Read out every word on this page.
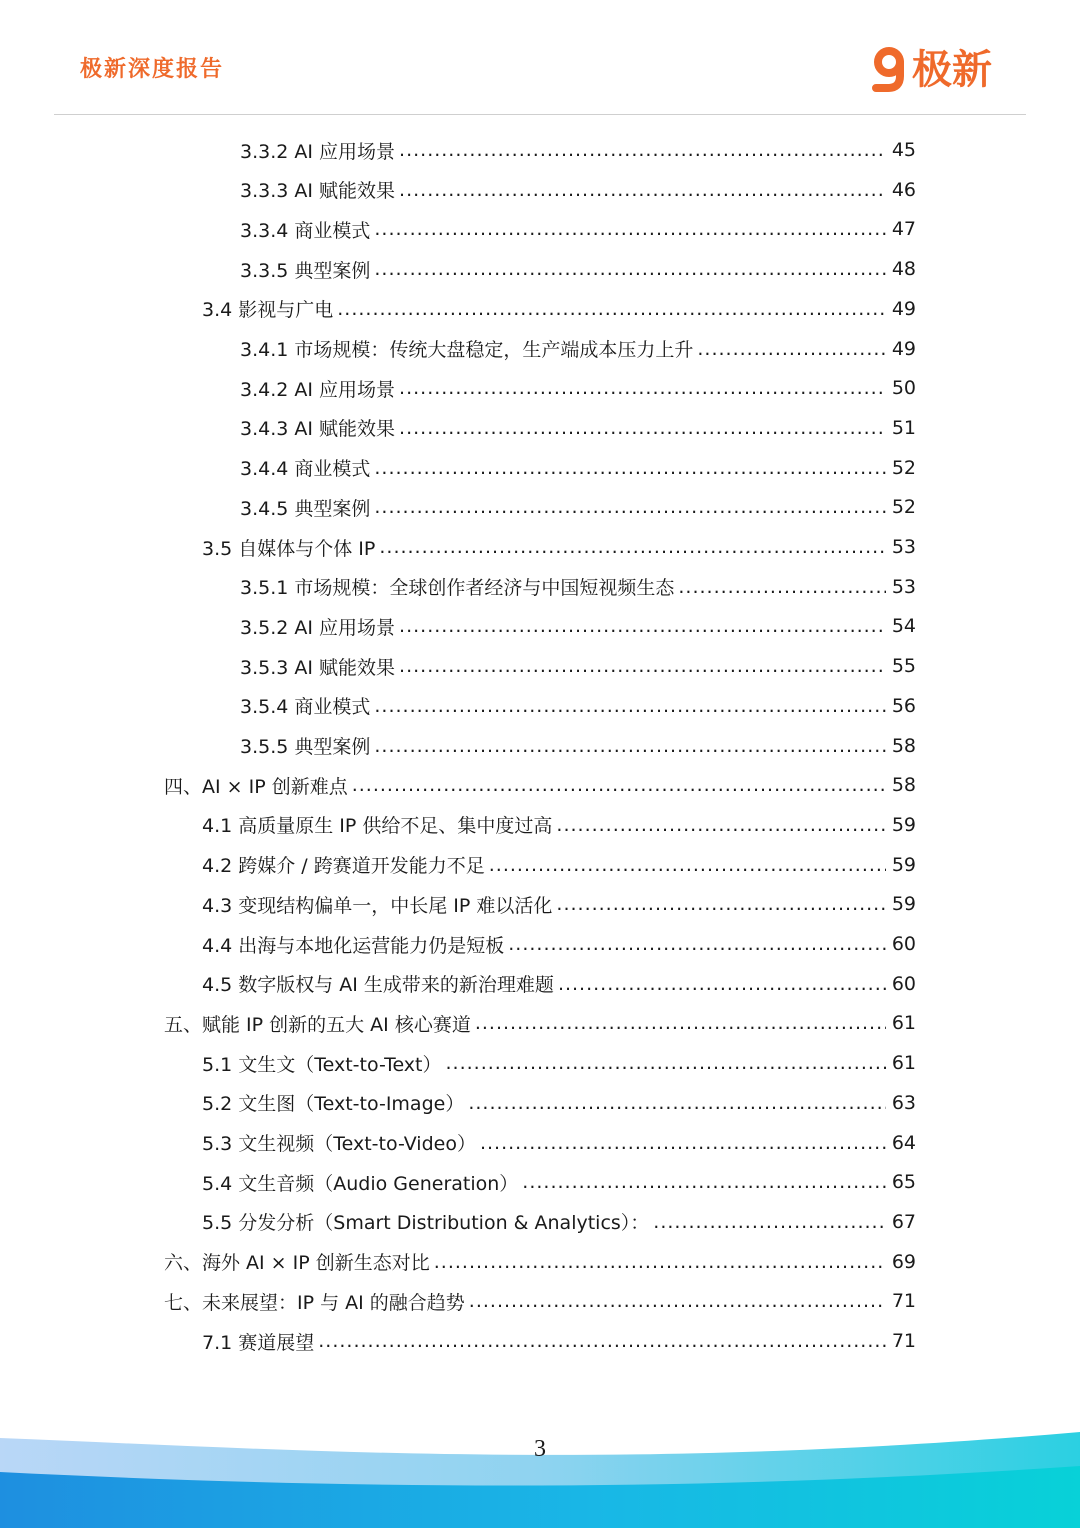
极新深度报告	极新
3.3.2 AI 应用场景 .....	45
3.3.3 AI 赋能效果 .....	46
3.3.4 商业模式 .....	47
3.3.5 典型案例 .....	48
3.4 影视与广电 .....	49
3.4.1 市场规模：传统大盘稳定，生产端成本压力上升 .....	49
3.4.2 AI 应用场景 .....	50
3.4.3 AI 赋能效果 .....	51
3.4.4 商业模式 .....	52
3.4.5 典型案例 .....	52
3.5 自媒体与个体 IP .....	53
3.5.1 市场规模：全球创作者经济与中国短视频生态 .....	53
3.5.2 AI 应用场景 .....	54
3.5.3 AI 赋能效果 .....	55
3.5.4 商业模式 .....	56
3.5.5 典型案例 .....	58
四、AI × IP 创新难点 .....	58
4.1 高质量原生 IP 供给不足、集中度过高 .....	59
4.2 跨媒介 / 跨赛道开发能力不足 .....	59
4.3 变现结构偏单一，中长尾 IP 难以活化 .....	59
4.4 出海与本地化运营能力仍是短板 .....	60
4.5 数字版权与 AI 生成带来的新治理难题 .....	60
五、赋能 IP 创新的五大 AI 核心赛道 .....	61
5.1 文生文（Text-to-Text） .....	61
5.2 文生图（Text-to-Image） .....	63
5.3 文生视频（Text-to-Video） .....	64
5.4 文生音频（Audio Generation） .....	65
5.5 分发分析（Smart Distribution & Analytics）： .....	67
六、海外 AI × IP 创新生态对比 .....	69
七、未来展望：IP 与 AI 的融合趋势 .....	71
7.1 赛道展望 .....	71
3
